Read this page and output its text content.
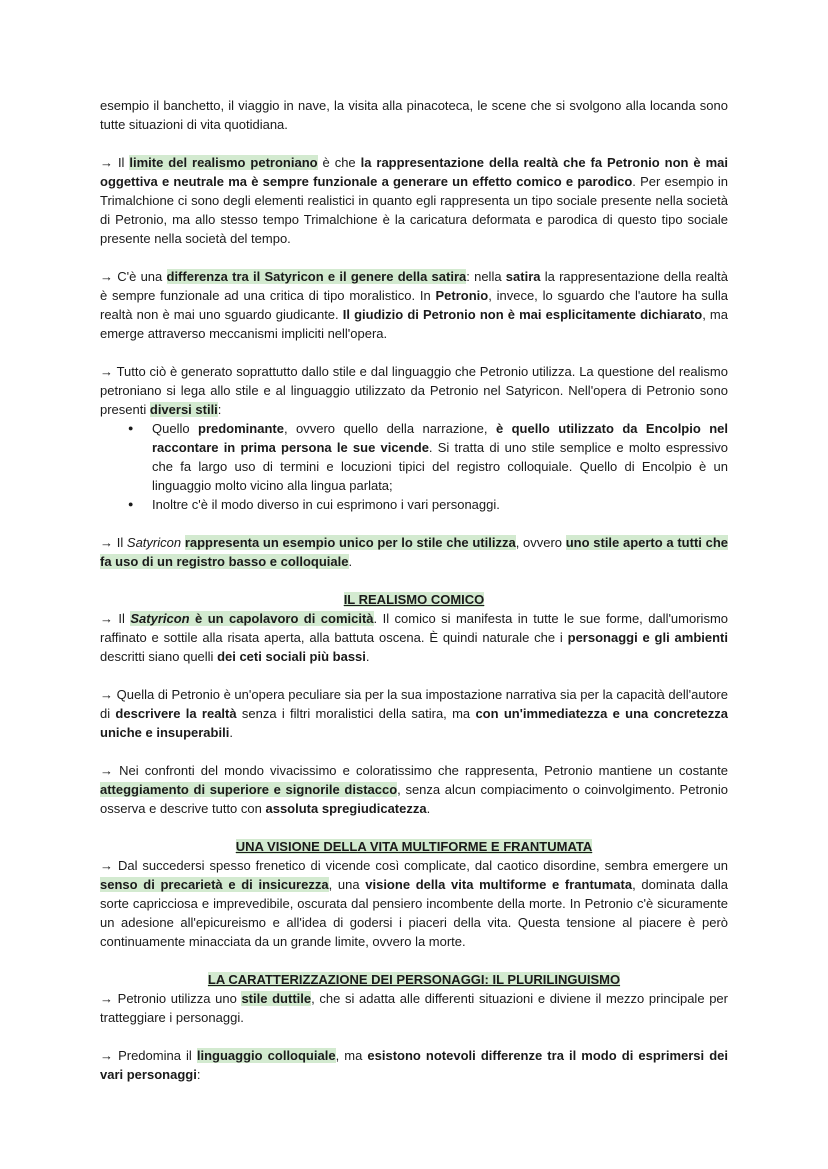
esempio il banchetto, il viaggio in nave, la visita alla pinacoteca, le scene che si svolgono alla locanda sono tutte situazioni di vita quotidiana.

→ Il limite del realismo petroniano è che la rappresentazione della realtà che fa Petronio non è mai oggettiva e neutrale ma è sempre funzionale a generare un effetto comico e parodico. Per esempio in Trimalchione ci sono degli elementi realistici in quanto egli rappresenta un tipo sociale presente nella società di Petronio, ma allo stesso tempo Trimalchione è la caricatura deformata e parodica di questo tipo sociale presente nella società del tempo.

→ C'è una differenza tra il Satyricon e il genere della satira: nella satira la rappresentazione della realtà è sempre funzionale ad una critica di tipo moralistico. In Petronio, invece, lo sguardo che l'autore ha sulla realtà non è mai uno sguardo giudicante. Il giudizio di Petronio non è mai esplicitamente dichiarato, ma emerge attraverso meccanismi impliciti nell'opera.

→ Tutto ciò è generato soprattutto dallo stile e dal linguaggio che Petronio utilizza. La questione del realismo petroniano si lega allo stile e al linguaggio utilizzato da Petronio nel Satyricon. Nell'opera di Petronio sono presenti diversi stili:

● Quello predominante, ovvero quello della narrazione, è quello utilizzato da Encolpio nel raccontare in prima persona le sue vicende. Si tratta di uno stile semplice e molto espressivo che fa largo uso di termini e locuzioni tipici del registro colloquiale. Quello di Encolpio è un linguaggio molto vicino alla lingua parlata;
● Inoltre c'è il modo diverso in cui esprimono i vari personaggi.

→ Il Satyricon rappresenta un esempio unico per lo stile che utilizza, ovvero uno stile aperto a tutti che fa uso di un registro basso e colloquiale.

IL REALISMO COMICO

→ Il Satyricon è un capolavoro di comicità. Il comico si manifesta in tutte le sue forme, dall'umorismo raffinato e sottile alla risata aperta, alla battuta oscena. È quindi naturale che i personaggi e gli ambienti descritti siano quelli dei ceti sociali più bassi.

→ Quella di Petronio è un'opera peculiare sia per la sua impostazione narrativa sia per la capacità dell'autore di descrivere la realtà senza i filtri moralistici della satira, ma con un'immediatezza e una concretezza uniche e insuperabili.

→ Nei confronti del mondo vivacissimo e coloratissimo che rappresenta, Petronio mantiene un costante atteggiamento di superiore e signorile distacco, senza alcun compiacimento o coinvolgimento. Petronio osserva e descrive tutto con assoluta spregiudicatezza.

UNA VISIONE DELLA VITA MULTIFORME E FRANTUMATA

→ Dal succedersi spesso frenetico di vicende così complicate, dal caotico disordine, sembra emergere un senso di precarietà e di insicurezza, una visione della vita multiforme e frantumata, dominata dalla sorte capricciosa e imprevedibile, oscurata dal pensiero incombente della morte. In Petronio c'è sicuramente un adesione all'epicureismo e all'idea di godersi i piaceri della vita. Questa tensione al piacere è però continuamente minacciata da un grande limite, ovvero la morte.

LA CARATTERIZZAZIONE DEI PERSONAGGI: IL PLURILINGUISMO

→ Petronio utilizza uno stile duttile, che si adatta alle differenti situazioni e diviene il mezzo principale per tratteggiare i personaggi.

→ Predomina il linguaggio colloquiale, ma esistono notevoli differenze tra il modo di esprimersi dei vari personaggi:
